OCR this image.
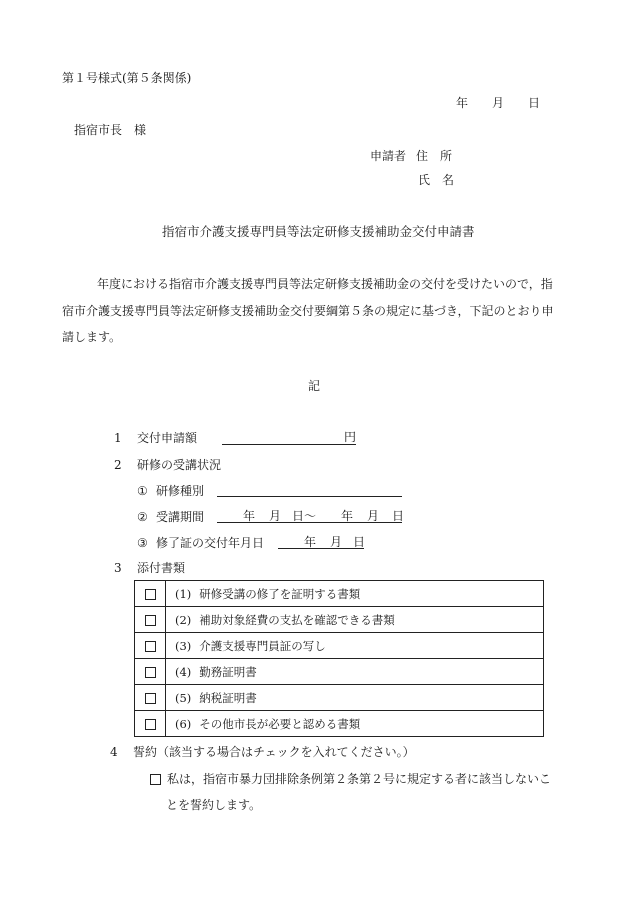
第１号様式(第５条関係)
年 月 日
指宿市長　様
申請者 住　所
氏　名
指宿市介護支援専門員等法定研修支援補助金交付申請書
年度における指宿市介護支援専門員等法定研修支援補助金の交付を受けたいので，指
宿市介護支援専門員等法定研修支援補助金交付要綱第５条の規定に基づき，下記のとおり申
請します。
記
1 交付申請額	円
2 研修の受講状況
① 研修種別
② 受講期間	年 月 日～ 年 月 日
③ 修了証の交付年月日	年 月 日
3 添付書類
	(1) 研修受講の修了を証明する書類
	(2) 補助対象経費の支払を確認できる書類
	(3) 介護支援専門員証の写し
	(4) 勤務証明書
	(5) 納税証明書
	(6) その他市長が必要と認める書類
4 誓約（該当する場合はチェックを入れてください。）
私は，指宿市暴力団排除条例第２条第２号に規定する者に該当しないこ
とを誓約します。
